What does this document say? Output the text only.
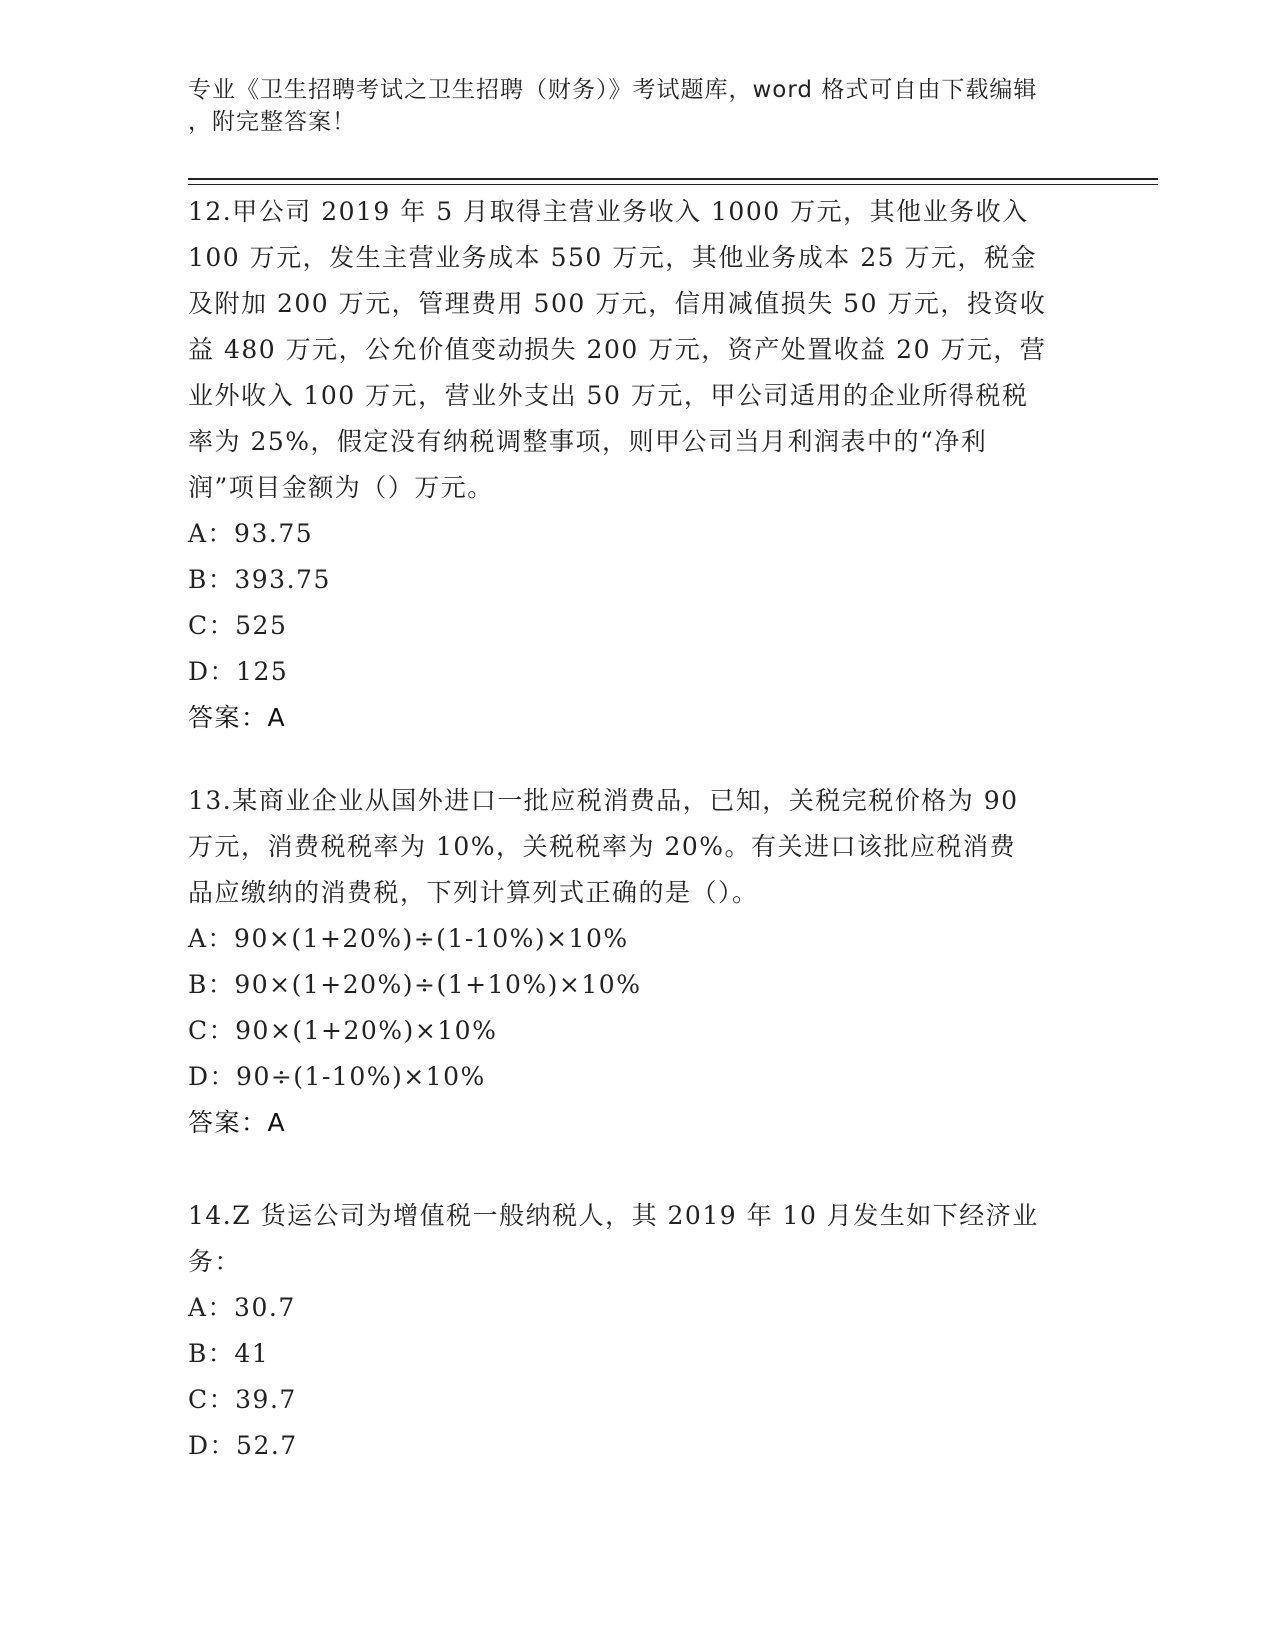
专业《卫生招聘考试之卫生招聘（财务）》考试题库，word 格式可自由下载编辑
，附完整答案！
12.甲公司 2019 年 5 月取得主营业务收入 1000 万元，其他业务收入
100 万元，发生主营业务成本 550 万元，其他业务成本 25 万元，税金
及附加 200 万元，管理费用 500 万元，信用减值损失 50 万元，投资收
益 480 万元，公允价值变动损失 200 万元，资产处置收益 20 万元，营
业外收入 100 万元，营业外支出 50 万元，甲公司适用的企业所得税税
率为 25%，假定没有纳税调整事项，则甲公司当月利润表中的“净利
润”项目金额为（）万元。
A：93.75
B：393.75
C：525
D：125
答案：A
13.某商业企业从国外进口一批应税消费品，已知，关税完税价格为 90
万元，消费税税率为 10%，关税税率为 20%。有关进口该批应税消费
品应缴纳的消费税，下列计算列式正确的是（）。
A：90×(1+20%)÷(1-10%)×10%
B：90×(1+20%)÷(1+10%)×10%
C：90×(1+20%)×10%
D：90÷(1-10%)×10%
答案：A
14.Z 货运公司为增值税一般纳税人，其 2019 年 10 月发生如下经济业
务：
A：30.7
B：41
C：39.7
D：52.7
